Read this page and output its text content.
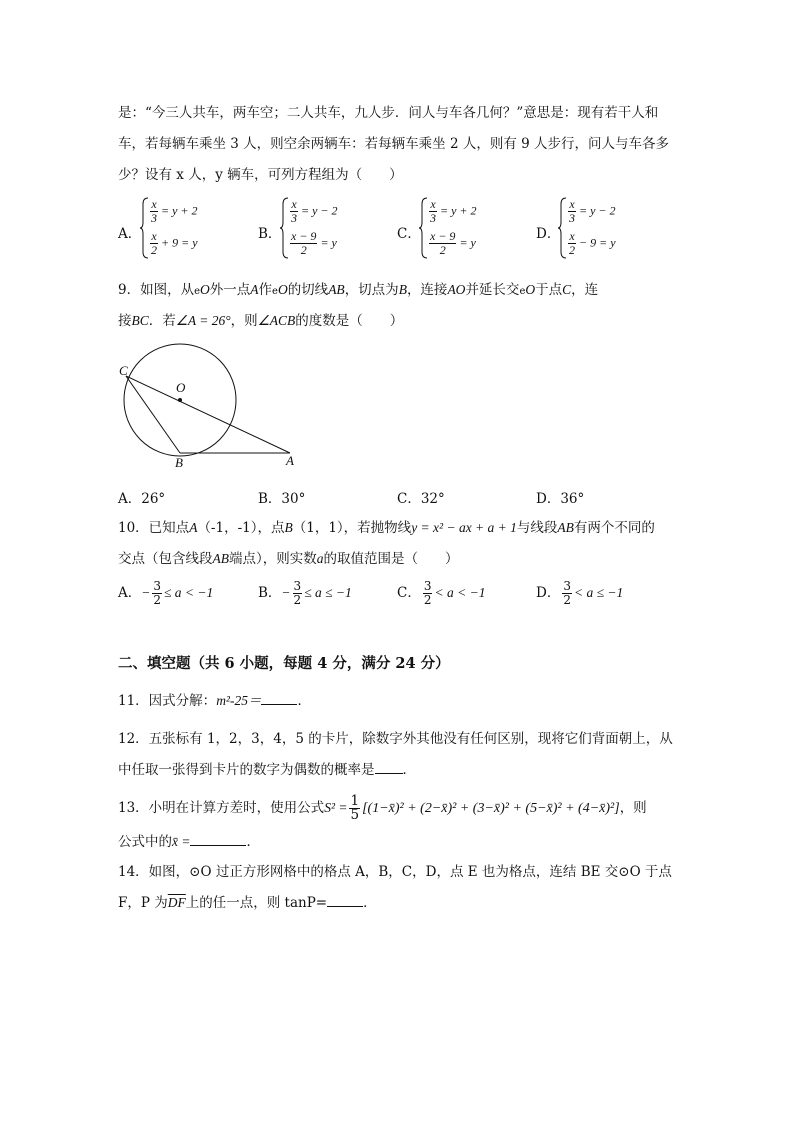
是：“今三人共车，两车空；二人共车，九人步．问人与车各几何？”意思是：现有若干人和
车，若每辆车乘坐 3 人，则空余两辆车：若每辆车乘坐 2 人，则有 9 人步行，问人与车各多
少？设有 x 人，y 辆车，可列方程组为（　　）
A．
$\frac{x}{3} = y + 2$
$\frac{x}{2} + 9 = y$
B．
$\frac{x}{3} = y - 2$
$\frac{x - 9}{2} = y$
C．
$\frac{x}{3} = y + 2$
$\frac{x - 9}{2} = y$
D．
$\frac{x}{3} = y - 2$
$\frac{x}{2} - 9 = y$
9．如图，从eO外一点A作eO的切线AB，切点为B，连接AO并延长交eO于点C，连
接BC．若∠A = 26°，则∠ACB的度数是（　　）
C
O
B	A
A．26°	B．30°	C．32°	D．36°
10．已知点A（-1，-1），点B（1，1），若抛物线y = x² − ax + a + 1与线段AB有两个不同的
交点（包含线段AB端点），则实数a的取值范围是（　　）
A．− $\frac{3}{2} \le a < -1$	B．− $\frac{3}{2} \le a \le -1$	C． $\frac{3}{2} < a < -1$	D． $\frac{3}{2} < a \le -1$
二、填空题（共 6 小题，每题 4 分，满分 24 分）
11．因式分解：m²-25＝	．
12．五张标有 1，2，3，4，5 的卡片，除数字外其他没有任何区别，现将它们背面朝上，从
中任取一张得到卡片的数字为偶数的概率是 ．
13．小明在计算方差时，使用公式$S^2 = \frac{1}{5}$ [(1−x̄)² + (2−x̄)² + (3−x̄)² + (5−x̄)² + (4−x̄)²]，则
公式中的x̄ =	．
14．如图，⊙O 过正方形网格中的格点 A，B，C，D，点 E 也为格点，连结 BE 交⊙O 于点
F，P 为$\overline{DF}$上的任一点，则 tanP=	．
